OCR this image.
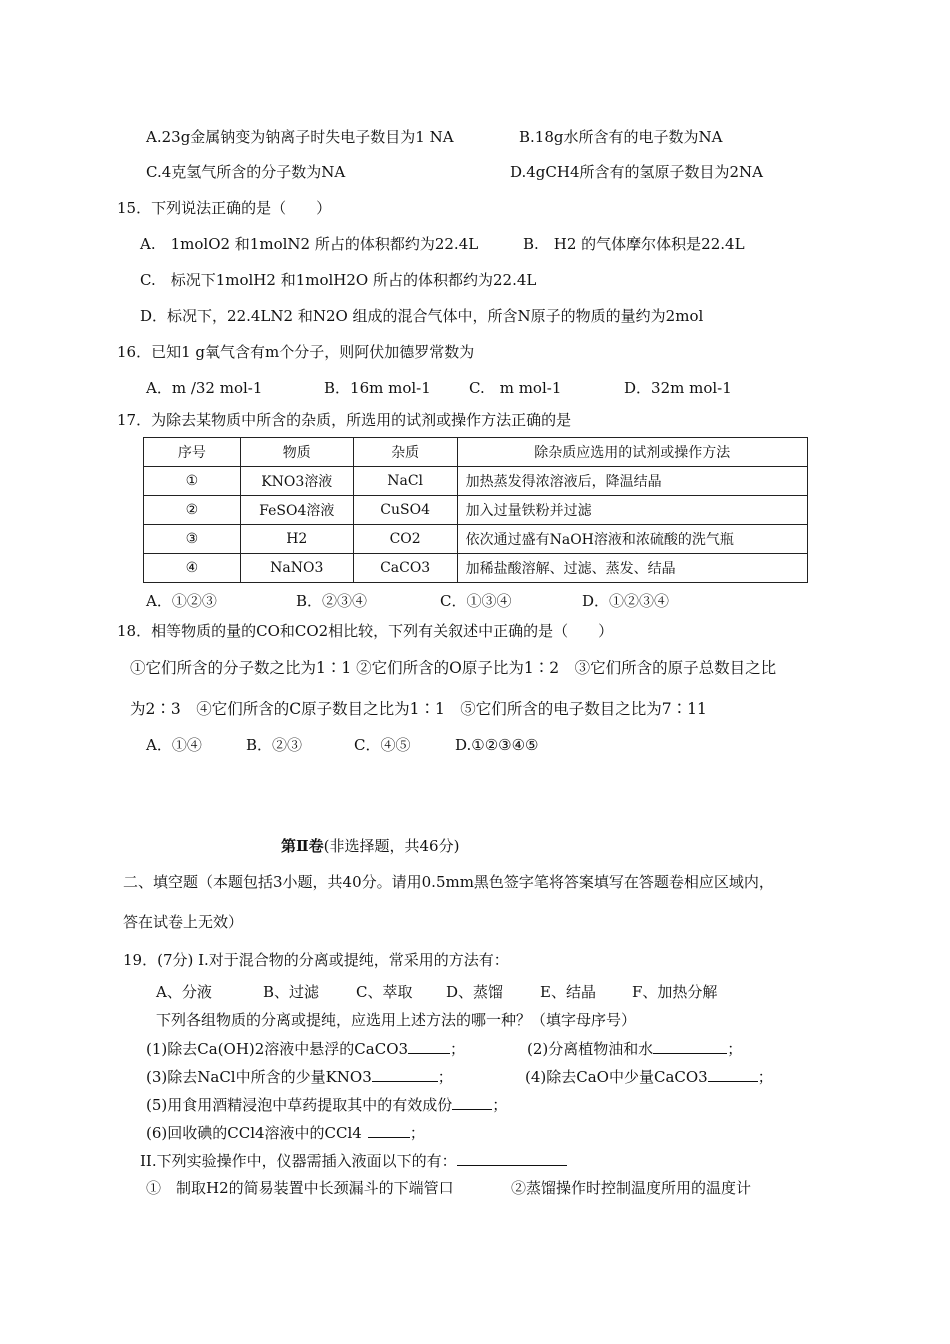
A.23g金属钠变为钠离子时失电子数目为1 NA	B.18g水所含有的电子数为NA
C.4克氢气所含的分子数为NA	D.4gCH4所含有的氢原子数目为2NA
15．下列说法正确的是（　　）
A.　1molO2 和1molN2 所占的体积都约为22.4L	B.　H2 的气体摩尔体积是22.4L
C.　标况下1molH2 和1molH2O 所占的体积都约为22.4L
D．标况下，22.4LN2 和N2O 组成的混合气体中，所含N原子的物质的量约为2mol
16．已知1 g氧气含有m个分子，则阿伏加德罗常数为
A．m /32 mol-1	B．16m mol-1	C.　m mol-1	D．32m mol-1
17．为除去某物质中所含的杂质，所选用的试剂或操作方法正确的是
序号	物质	杂质	除杂质应选用的试剂或操作方法
①	KNO3溶液	NaCl	加热蒸发得浓溶液后，降温结晶
②	FeSO4溶液	CuSO4	加入过量铁粉并过滤
③	H2	CO2	依次通过盛有NaOH溶液和浓硫酸的洗气瓶
④	NaNO3	CaCO3	加稀盐酸溶解、过滤、蒸发、结晶
A．①②③	B．②③④	C．①③④	D．①②③④
18．相等物质的量的CO和CO2相比较，下列有关叙述中正确的是（　　）
①它们所含的分子数之比为1∶1 ②它们所含的O原子比为1∶2　③它们所含的原子总数目之比
为2∶3　④它们所含的C原子数目之比为1∶1　⑤它们所含的电子数目之比为7∶11
A．①④	B．②③	C．④⑤	D.①②③④⑤
第Ⅱ卷(非选择题，共46分)
二、填空题（本题包括3小题，共40分。请用0.5mm黑色签字笔将答案填写在答题卷相应区域内，
答在试卷上无效）
19．(7分) I.对于混合物的分离或提纯，常采用的方法有：
A、分液	B、过滤 C、萃取 D、蒸馏 E、结晶 F、加热分解
下列各组物质的分离或提纯，应选用上述方法的哪一种？（填字母序号）
(1)除去Ca(OH)2溶液中悬浮的CaCO3	；	(2)分离植物油和水	；
(3)除去NaCl中所含的少量KNO3	；	(4)除去CaO中少量CaCO3	；
(5)用食用酒精浸泡中草药提取其中的有效成份	；
(6)回收碘的CCl4溶液中的CCl4	；
II.下列实验操作中，仪器需插入液面以下的有：
①　制取H2的简易装置中长颈漏斗的下端管口	②蒸馏操作时控制温度所用的温度计
